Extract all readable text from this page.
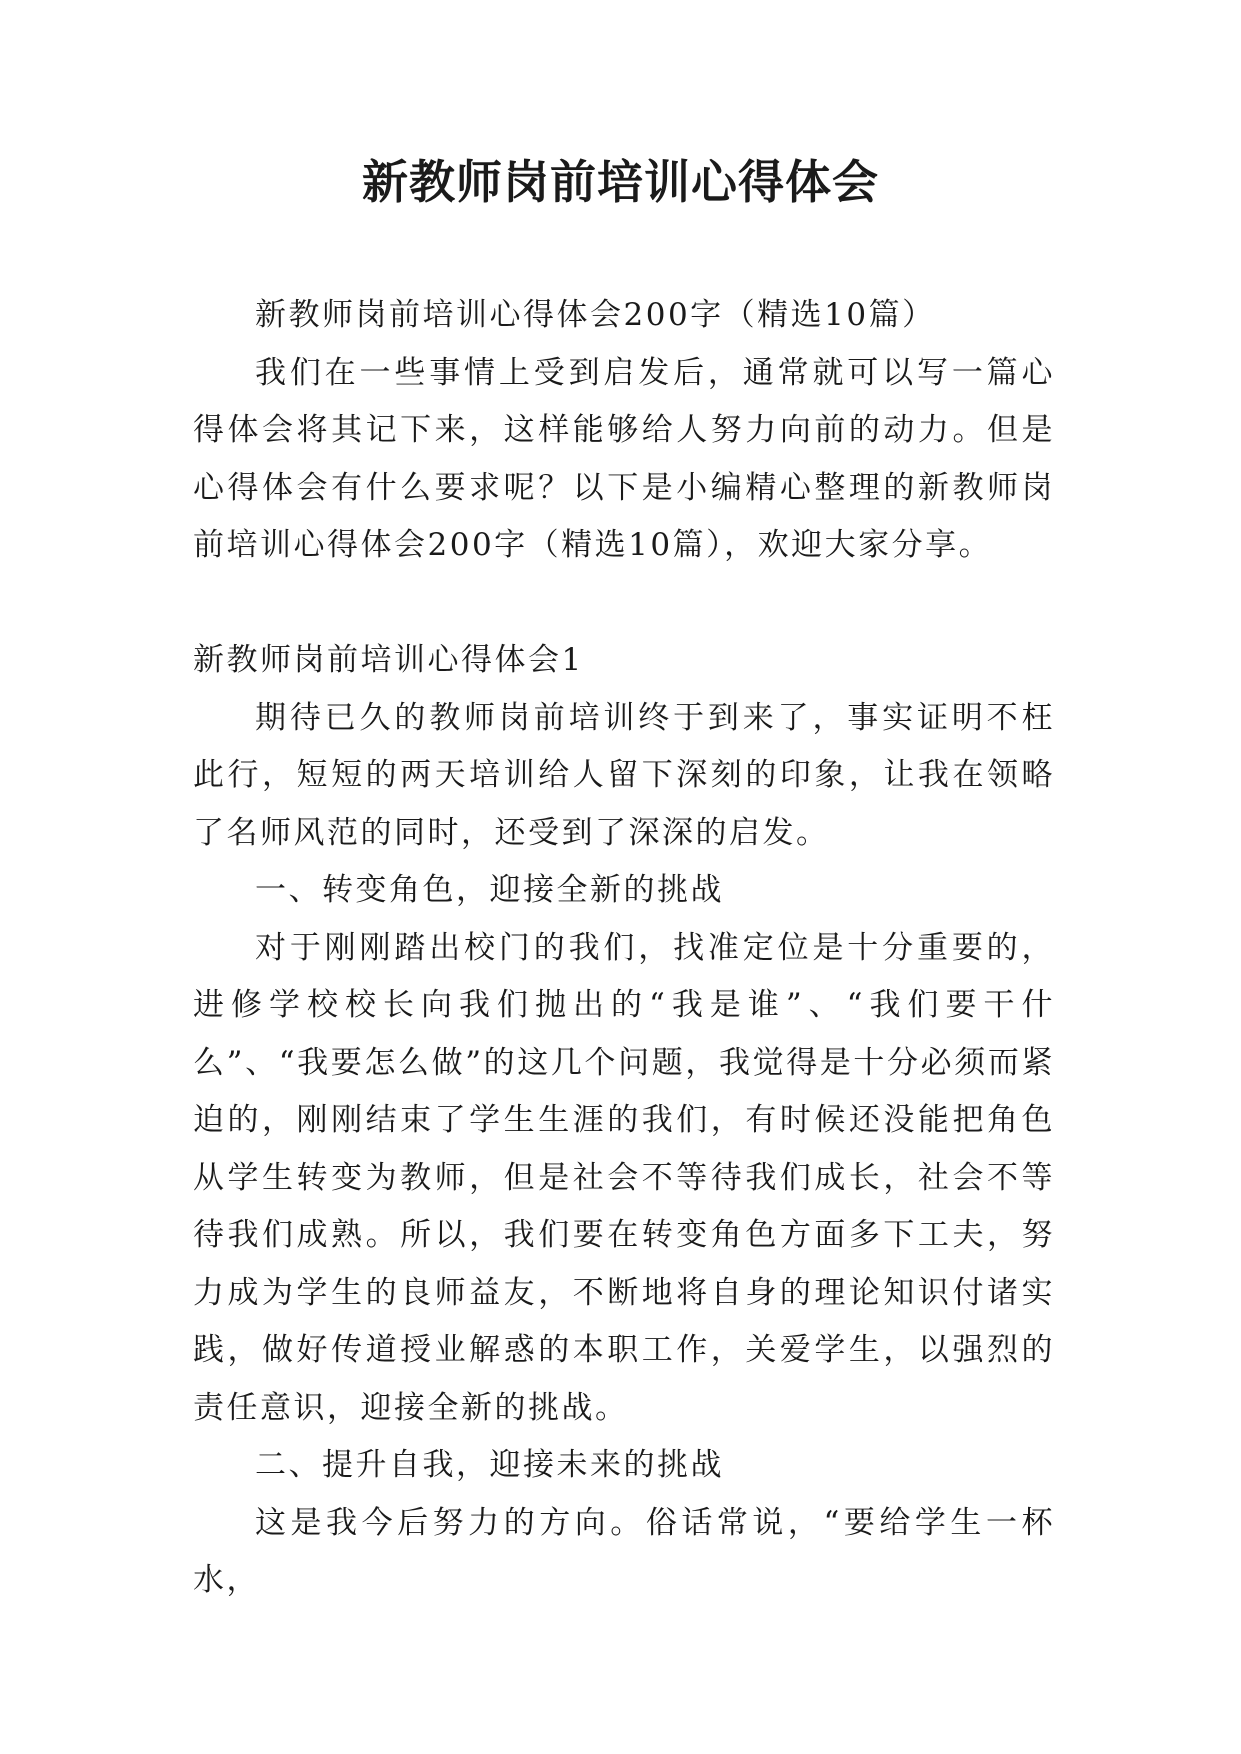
新教师岗前培训心得体会

新教师岗前培训心得体会200字（精选10篇）

我们在一些事情上受到启发后，通常就可以写一篇心得体会将其记下来，这样能够给人努力向前的动力。但是心得体会有什么要求呢？以下是小编精心整理的新教师岗前培训心得体会200字（精选10篇），欢迎大家分享。

新教师岗前培训心得体会1

期待已久的教师岗前培训终于到来了，事实证明不枉此行，短短的两天培训给人留下深刻的印象，让我在领略了名师风范的同时，还受到了深深的启发。

一、转变角色，迎接全新的挑战

对于刚刚踏出校门的我们，找准定位是十分重要的，进修学校校长向我们抛出的“我是谁”、“我们要干什么”、“我要怎么做”的这几个问题，我觉得是十分必须而紧迫的，刚刚结束了学生生涯的我们，有时候还没能把角色从学生转变为教师，但是社会不等待我们成长，社会不等待我们成熟。所以，我们要在转变角色方面多下工夫，努力成为学生的良师益友，不断地将自身的理论知识付诸实践，做好传道授业解惑的本职工作，关爱学生，以强烈的责任意识，迎接全新的挑战。

二、提升自我，迎接未来的挑战

这是我今后努力的方向。俗话常说，“要给学生一杯水，
